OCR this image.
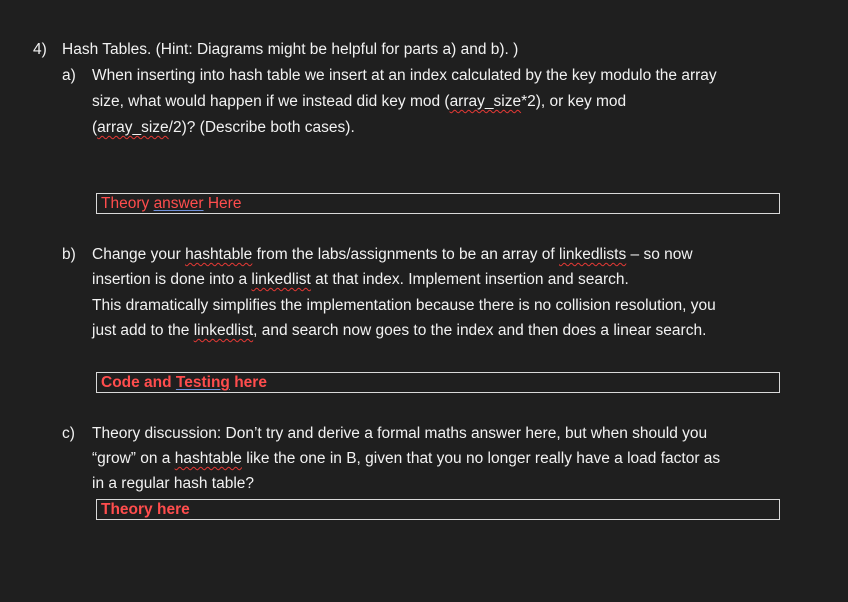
4) Hash Tables. (Hint: Diagrams might be helpful for parts a) and b). )
a) When inserting into hash table we insert at an index calculated by the key modulo the array
size, what would happen if we instead did key mod (array_size*2), or key mod
(array_size/2)? (Describe both cases).
Theory answer Here
b) Change your hashtable from the labs/assignments to be an array of linkedlists – so now
insertion is done into a linkedlist at that index. Implement insertion and search.
This dramatically simplifies the implementation because there is no collision resolution, you
just add to the linkedlist, and search now goes to the index and then does a linear search.
Code and Testing here
c) Theory discussion: Don’t try and derive a formal maths answer here, but when should you
“grow” on a hashtable like the one in B, given that you no longer really have a load factor as
in a regular hash table?
Theory here
